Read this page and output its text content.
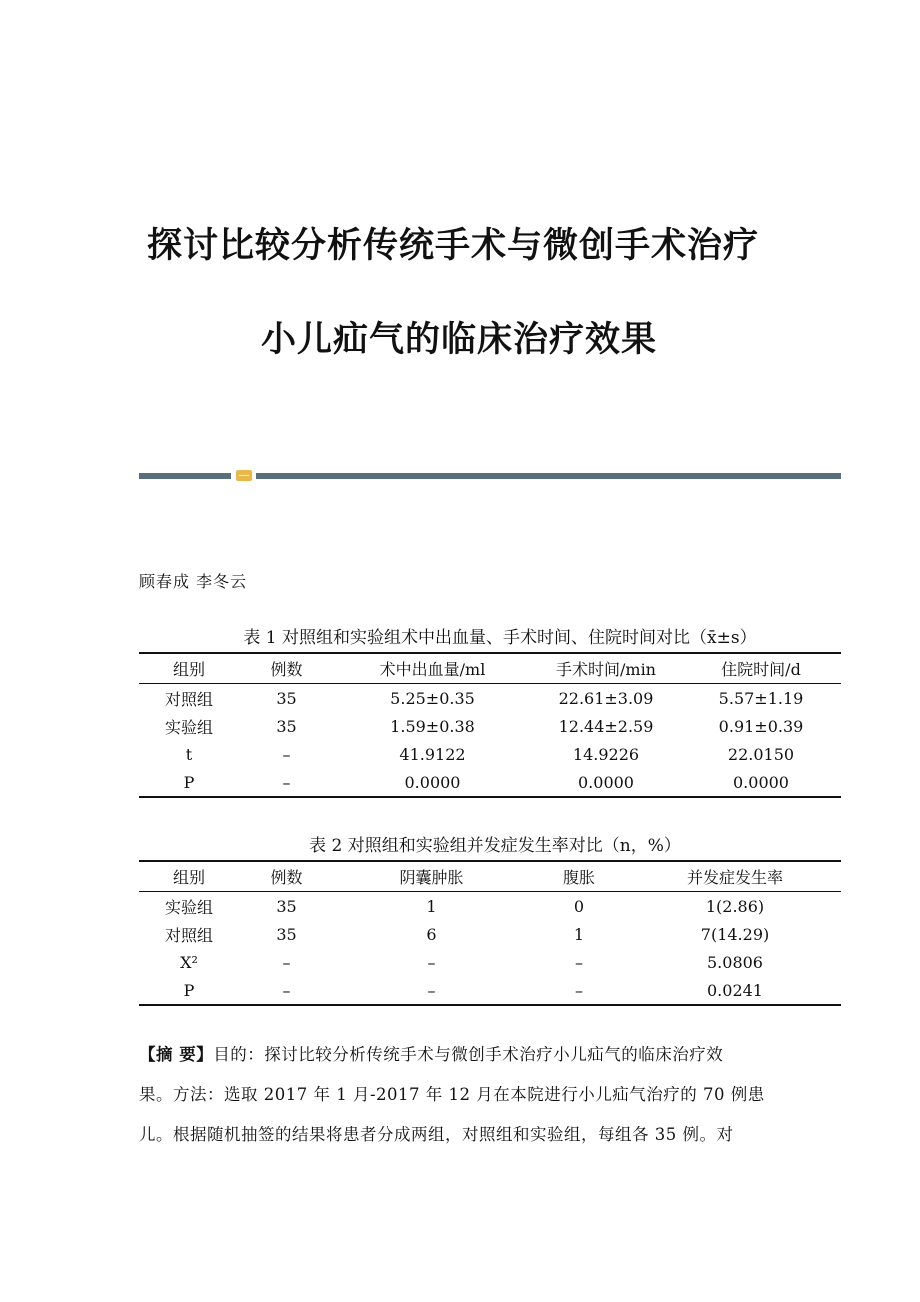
探讨比较分析传统手术与微创手术治疗
小儿疝气的临床治疗效果
顾春成 李冬云
表 1 对照组和实验组术中出血量、手术时间、住院时间对比（x̄±s）
组别	例数	术中出血量/ml	手术时间/min	住院时间/d
对照组	35	5.25±0.35	22.61±3.09	5.57±1.19
实验组	35	1.59±0.38	12.44±2.59	0.91±0.39
t	–	41.9122	14.9226	22.0150
P	–	0.0000	0.0000	0.0000
表 2 对照组和实验组并发症发生率对比（n，%）
组别	例数	阴囊肿胀	腹胀	并发症发生率
实验组	35	1	0	1(2.86)
对照组	35	6	1	7(14.29)
X²	–	–	–	5.0806
P	–	–	–	0.0241
【摘 要】目的：探讨比较分析传统手术与微创手术治疗小儿疝气的临床治疗效
果。方法：选取 2017 年 1 月-2017 年 12 月在本院进行小儿疝气治疗的 70 例患
儿。根据随机抽签的结果将患者分成两组，对照组和实验组，每组各 35 例。对
